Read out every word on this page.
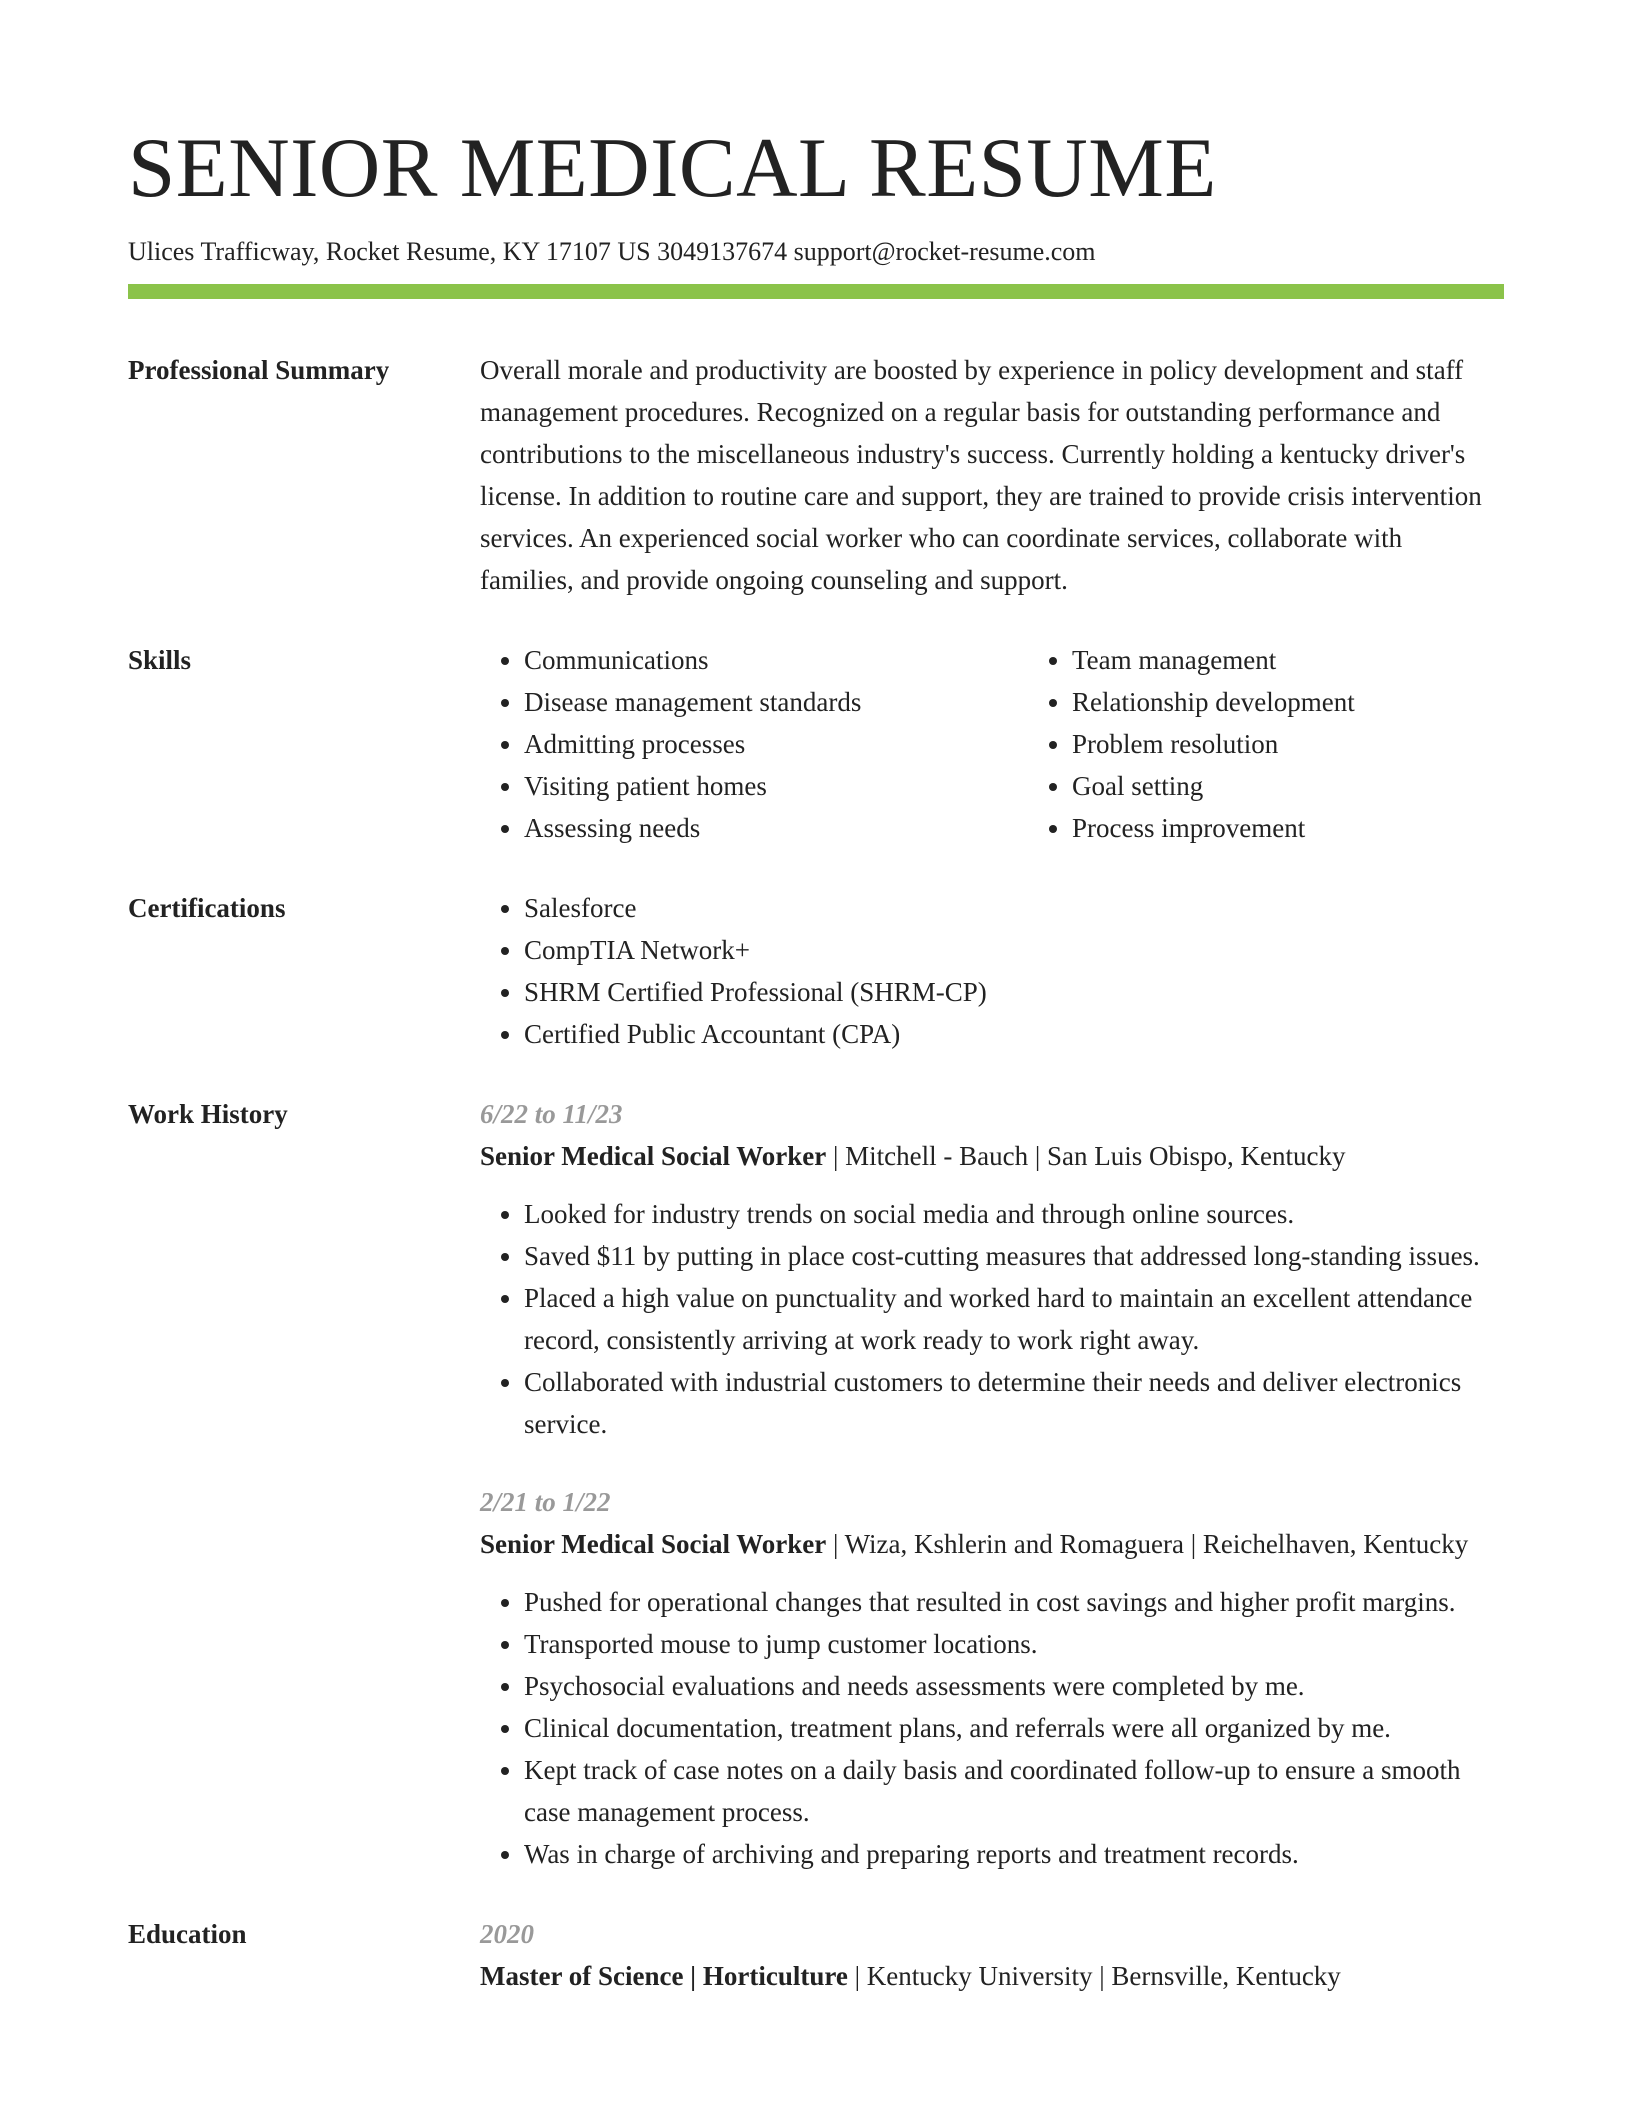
SENIOR MEDICAL RESUME
Ulices Trafficway, Rocket Resume, KY 17107 US 3049137674 support@rocket-resume.com
Professional Summary	Overall morale and productivity are boosted by experience in policy development and staff management procedures. Recognized on a regular basis for outstanding performance and contributions to the miscellaneous industry's success. Currently holding a kentucky driver's license. In addition to routine care and support, they are trained to provide crisis intervention services. An experienced social worker who can coordinate services, collaborate with families, and provide ongoing counseling and support.

Skills	• Communications
• Disease management standards
• Admitting processes
• Visiting patient homes
• Assessing needs
• Team management
• Relationship development
• Problem resolution
• Goal setting
• Process improvement
Certifications	• Salesforce
• CompTIA Network+
• SHRM Certified Professional (SHRM-CP)
• Certified Public Accountant (CPA)
Work History	6/22 to 11/23
Senior Medical Social Worker | Mitchell - Bauch | San Luis Obispo, Kentucky
• Looked for industry trends on social media and through online sources.
• Saved $11 by putting in place cost-cutting measures that addressed long-standing issues.
• Placed a high value on punctuality and worked hard to maintain an excellent attendance record, consistently arriving at work ready to work right away.
• Collaborated with industrial customers to determine their needs and deliver electronics service.
2/21 to 1/22
Senior Medical Social Worker | Wiza, Kshlerin and Romaguera | Reichelhaven, Kentucky
• Pushed for operational changes that resulted in cost savings and higher profit margins.
• Transported mouse to jump customer locations.
• Psychosocial evaluations and needs assessments were completed by me.
• Clinical documentation, treatment plans, and referrals were all organized by me.
• Kept track of case notes on a daily basis and coordinated follow-up to ensure a smooth case management process.
• Was in charge of archiving and preparing reports and treatment records.
Education	2020
Master of Science | Horticulture | Kentucky University | Bernsville, Kentucky
